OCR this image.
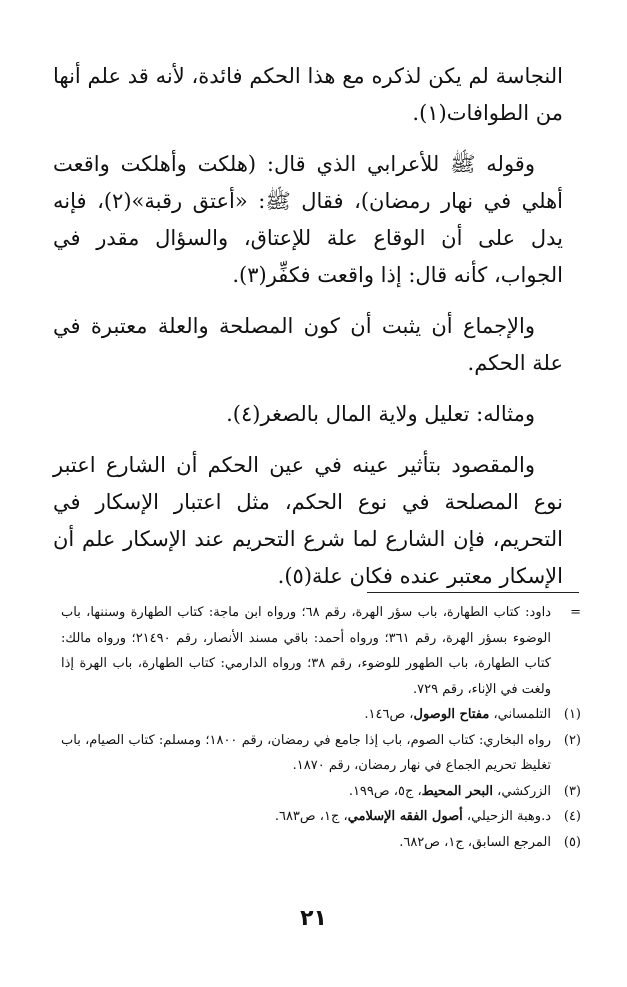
النجاسة لم يكن لذكره مع هذا الحكم فائدة، لأنه قد علم أنها من الطوافات(١).

وقوله ﷺ للأعرابي الذي قال: (هلكت وأهلكت واقعت أهلي في نهار رمضان)، فقال ﷺ: «أعتق رقبة»(٢)، فإنه يدل على أن الوقاع علة للإعتاق، والسؤال مقدر في الجواب، كأنه قال: إذا واقعت فكفِّر(٣).

والإجماع أن يثبت أن كون المصلحة والعلة معتبرة في علة الحكم.

ومثاله: تعليل ولاية المال بالصغر(٤).

والمقصود بتأثير عينه في عين الحكم أن الشارع اعتبر نوع المصلحة في نوع الحكم، مثل اعتبار الإسكار في التحريم، فإن الشارع لما شرع التحريم عند الإسكار علم أن الإسكار معتبر عنده فكان علة(٥).

=
داود: كتاب الطهارة، باب سؤر الهرة، رقم ٦٨؛ ورواه ابن ماجة: كتاب الطهارة وسننها، باب الوضوء بسؤر الهرة، رقم ٣٦١؛ ورواه أحمد: باقي مسند الأنصار، رقم ٢١٤٩٠؛ ورواه مالك: كتاب الطهارة، باب الطهور للوضوء، رقم ٣٨؛ ورواه الدارمي: كتاب الطهارة، باب الهرة إذا ولغت في الإناء، رقم ٧٢٩.
(١)
التلمساني، مفتاح الوصول، ص١٤٦.
(٢)
رواه البخاري: كتاب الصوم، باب إذا جامع في رمضان، رقم ١٨٠٠؛ ومسلم: كتاب الصيام، باب تغليظ تحريم الجماع في نهار رمضان، رقم ١٨٧٠.
(٣)
الزركشي، البحر المحيط، ج٥، ص١٩٩.
(٤)
د.وهبة الزحيلي، أصول الفقه الإسلامي، ج١، ص٦٨٣.
(٥)
المرجع السابق، ج١، ص٦٨٢.
٢١
